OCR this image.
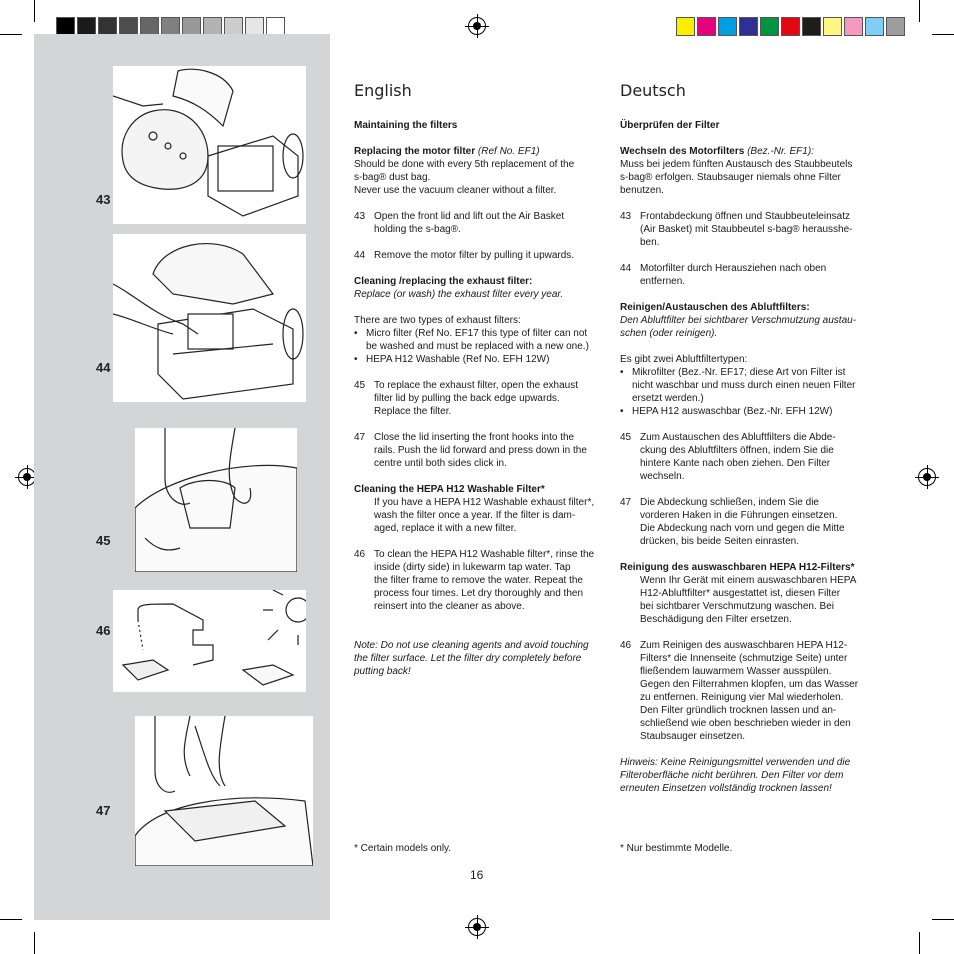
43
44
45
46
47
English

Maintaining the filters

Replacing the motor filter (Ref No. EF1)

Should be done with every 5th replacement of the

s-bag® dust bag.

Never use the vacuum cleaner without a filter.

43 Open the front lid and lift out the Air Basket

holding the s-bag®.

44 Remove the motor filter by pulling it upwards.

Cleaning /replacing the exhaust filter:

Replace (or wash) the exhaust filter every year.

There are two types of exhaust filters:

• Micro filter (Ref No. EF17 this type of filter can not

be washed and must be replaced with a new one.)

• HEPA H12 Washable (Ref No. EFH 12W)

45 To replace the exhaust filter, open the exhaust

filter lid by pulling the back edge upwards.

Replace the filter.

47 Close the lid inserting the front hooks into the

rails. Push the lid forward and press down in the

centre until both sides click in.

Cleaning the HEPA H12 Washable Filter*

If you have a HEPA H12 Washable exhaust filter*,

wash the filter once a year. If the filter is dam-

aged, replace it with a new filter.

46 To clean the HEPA H12 Washable filter*, rinse the

inside (dirty side) in lukewarm tap water. Tap

the filter frame to remove the water. Repeat the

process four times. Let dry thoroughly and then

reinsert into the cleaner as above.

Note: Do not use cleaning agents and avoid touching

the filter surface. Let the filter dry completely before

putting back!

* Certain models only.

Deutsch

Überprüfen der Filter

Wechseln des Motorfilters (Bez.-Nr. EF1):

Muss bei jedem fünften Austausch des Staubbeutels

s-bag® erfolgen. Staubsauger niemals ohne Filter

benutzen.

43 Frontabdeckung öffnen und Staubbeuteleinsatz

(Air Basket) mit Staubbeutel s-bag® herausshe-

ben.

44 Motorfilter durch Herausziehen nach oben

entfernen.

Reinigen/Austauschen des Abluftfilters:

Den Abluftfilter bei sichtbarer Verschmutzung austau-

schen (oder reinigen).

Es gibt zwei Abluftfiltertypen:

• Mikrofilter (Bez.-Nr. EF17; diese Art von Filter ist

nicht waschbar und muss durch einen neuen Filter

ersetzt werden.)

• HEPA H12 auswaschbar (Bez.-Nr. EFH 12W)

45 Zum Austauschen des Abluftfilters die Abde-

ckung des Abluftfilters öffnen, indem Sie die

hintere Kante nach oben ziehen. Den Filter

wechseln.

47 Die Abdeckung schließen, indem Sie die

vorderen Haken in die Führungen einsetzen.

Die Abdeckung nach vorn und gegen die Mitte

drücken, bis beide Seiten einrasten.

Reinigung des auswaschbaren HEPA H12-Filters*

Wenn Ihr Gerät mit einem auswaschbaren HEPA

H12-Abluftfilter* ausgestattet ist, diesen Filter

bei sichtbarer Verschmutzung waschen. Bei

Beschädigung den Filter ersetzen.

46 Zum Reinigen des auswaschbaren HEPA H12-

Filters* die Innenseite (schmutzige Seite) unter

fließendem lauwarmem Wasser ausspülen.

Gegen den Filterrahmen klopfen, um das Wasser

zu entfernen. Reinigung vier Mal wiederholen.

Den Filter gründlich trocknen lassen und an-

schließend wie oben beschrieben wieder in den

Staubsauger einsetzen.

Hinweis: Keine Reinigungsmittel verwenden und die

Filteroberfläche nicht berühren. Den Filter vor dem

erneuten Einsetzen vollständig trocknen lassen!

* Nur bestimmte Modelle.

16
